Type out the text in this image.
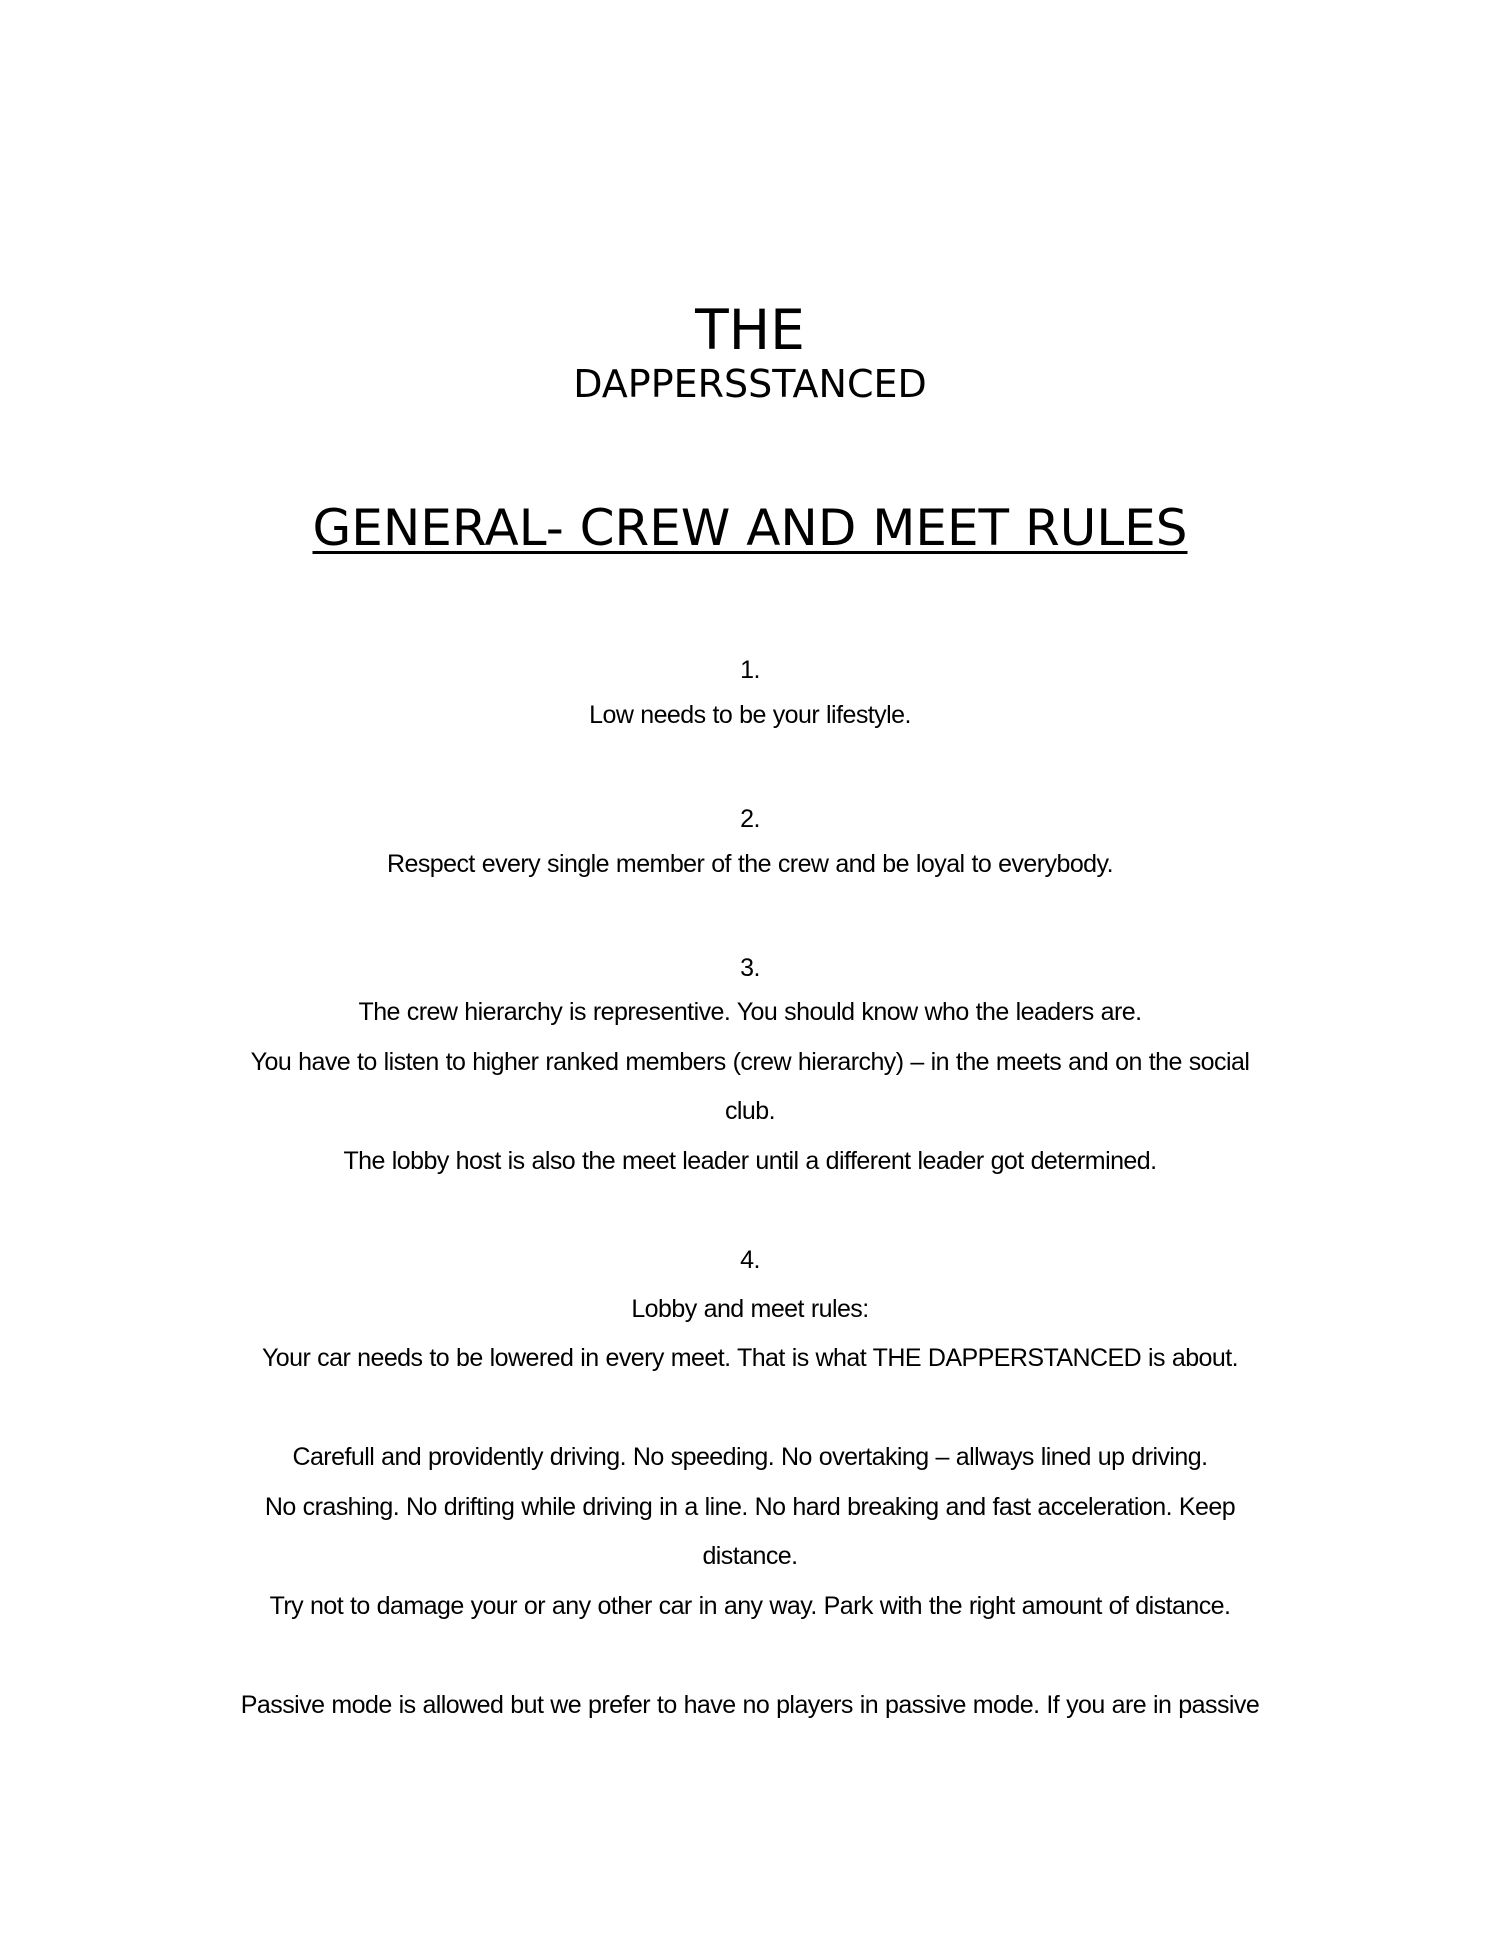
THE
DAPPERSSTANCED
GENERAL- CREW AND MEET RULES
1.
Low needs to be your lifestyle.
2.
Respect every single member of the crew and be loyal to everybody.
3.
The crew hierarchy is representive. You should know who the leaders are.
You have to listen to higher ranked members (crew hierarchy) – in the meets and on the social
club.
The lobby host is also the meet leader until a different leader got determined.
4.
Lobby and meet rules:
Your car needs to be lowered in every meet. That is what THE DAPPERSTANCED is about.
Carefull and providently driving. No speeding. No overtaking – allways lined up driving.
No crashing. No drifting while driving in a line. No hard breaking and fast acceleration. Keep
distance.
Try not to damage your or any other car in any way. Park with the right amount of distance.
Passive mode is allowed but we prefer to have no players in passive mode. If you are in passive
